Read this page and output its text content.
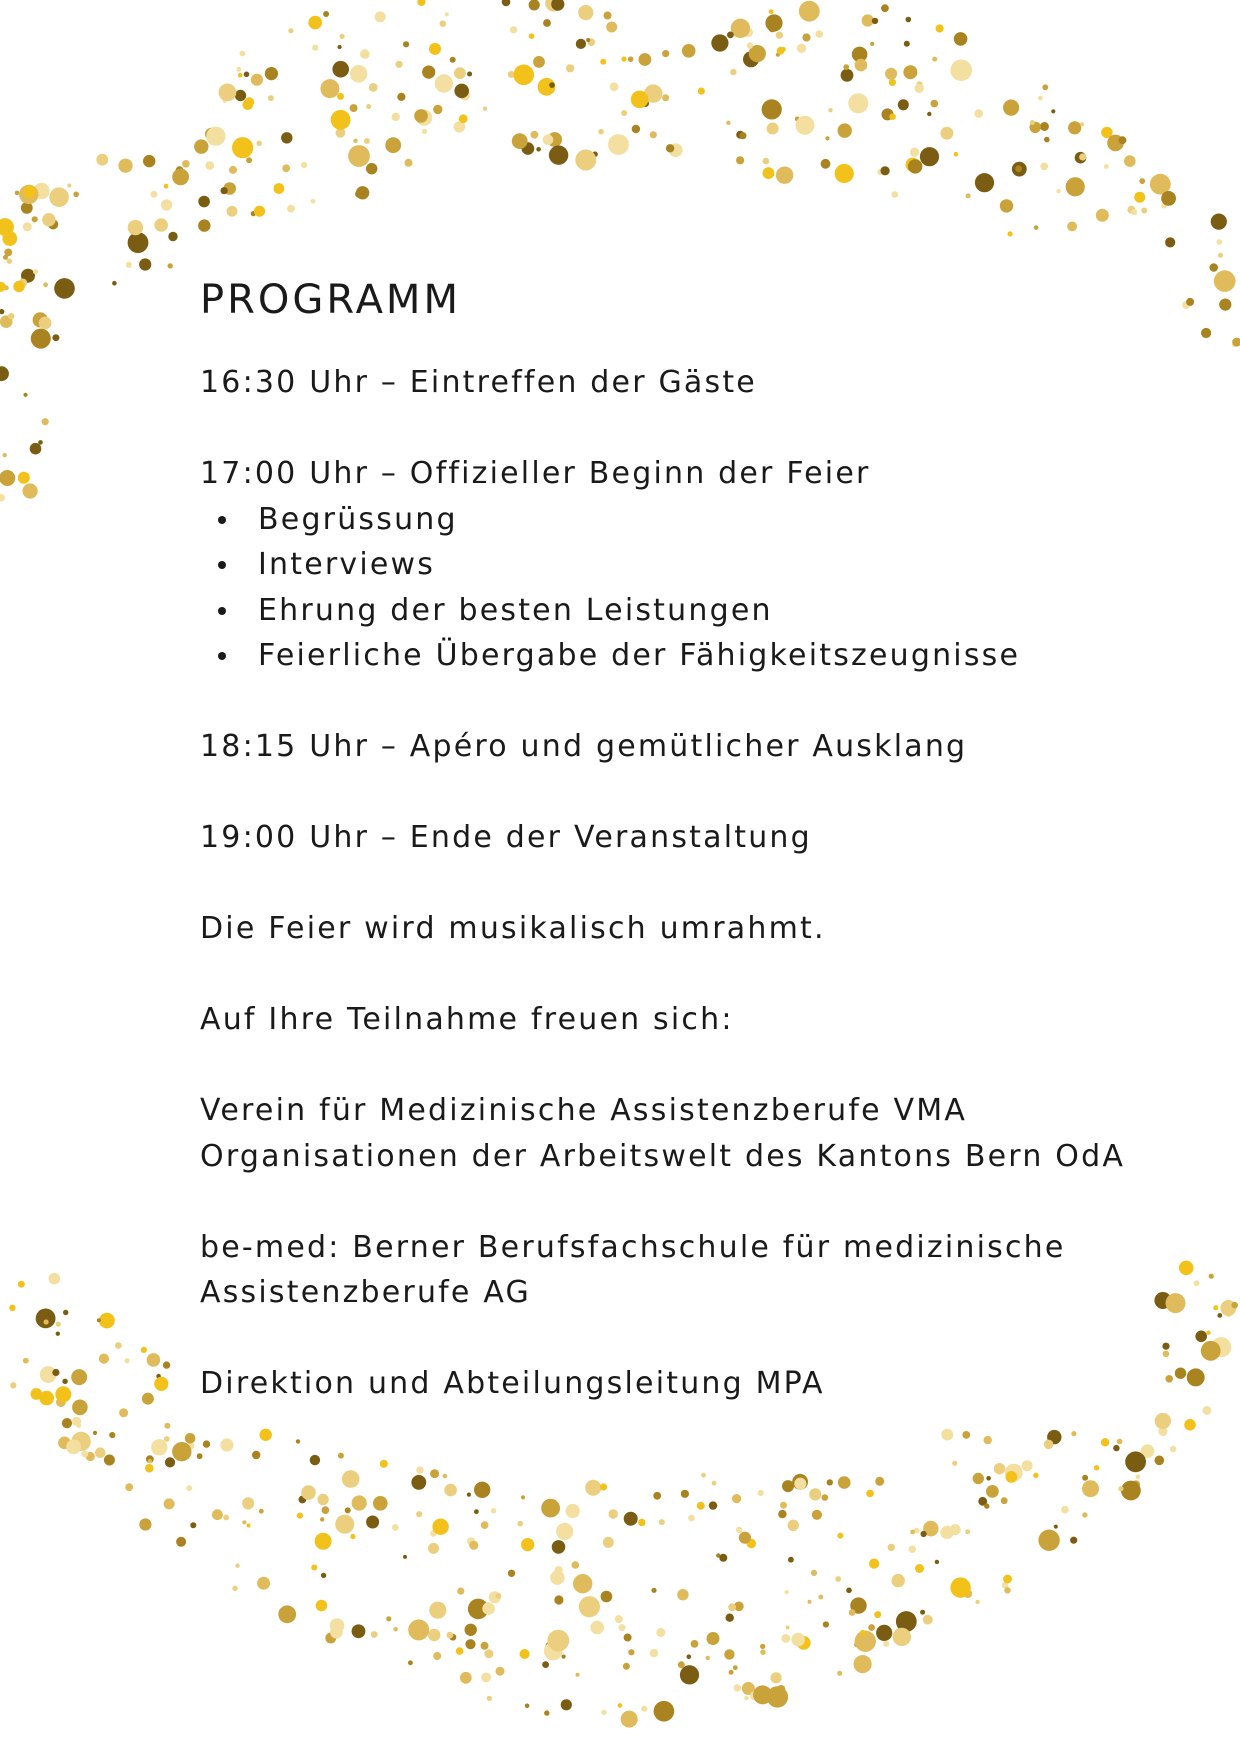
PROGRAMM
16:30 Uhr – Eintreffen der Gäste
17:00 Uhr – Offizieller Beginn der Feier
Begrüssung
Interviews
Ehrung der besten Leistungen
Feierliche Übergabe der Fähigkeitszeugnisse
18:15 Uhr – Apéro und gemütlicher Ausklang
19:00 Uhr – Ende der Veranstaltung
Die Feier wird musikalisch umrahmt.
Auf Ihre Teilnahme freuen sich:
Verein für Medizinische Assistenzberufe VMA
Organisationen der Arbeitswelt des Kantons Bern OdA
be-med: Berner Berufsfachschule für medizinische
Assistenzberufe AG
Direktion und Abteilungsleitung MPA
